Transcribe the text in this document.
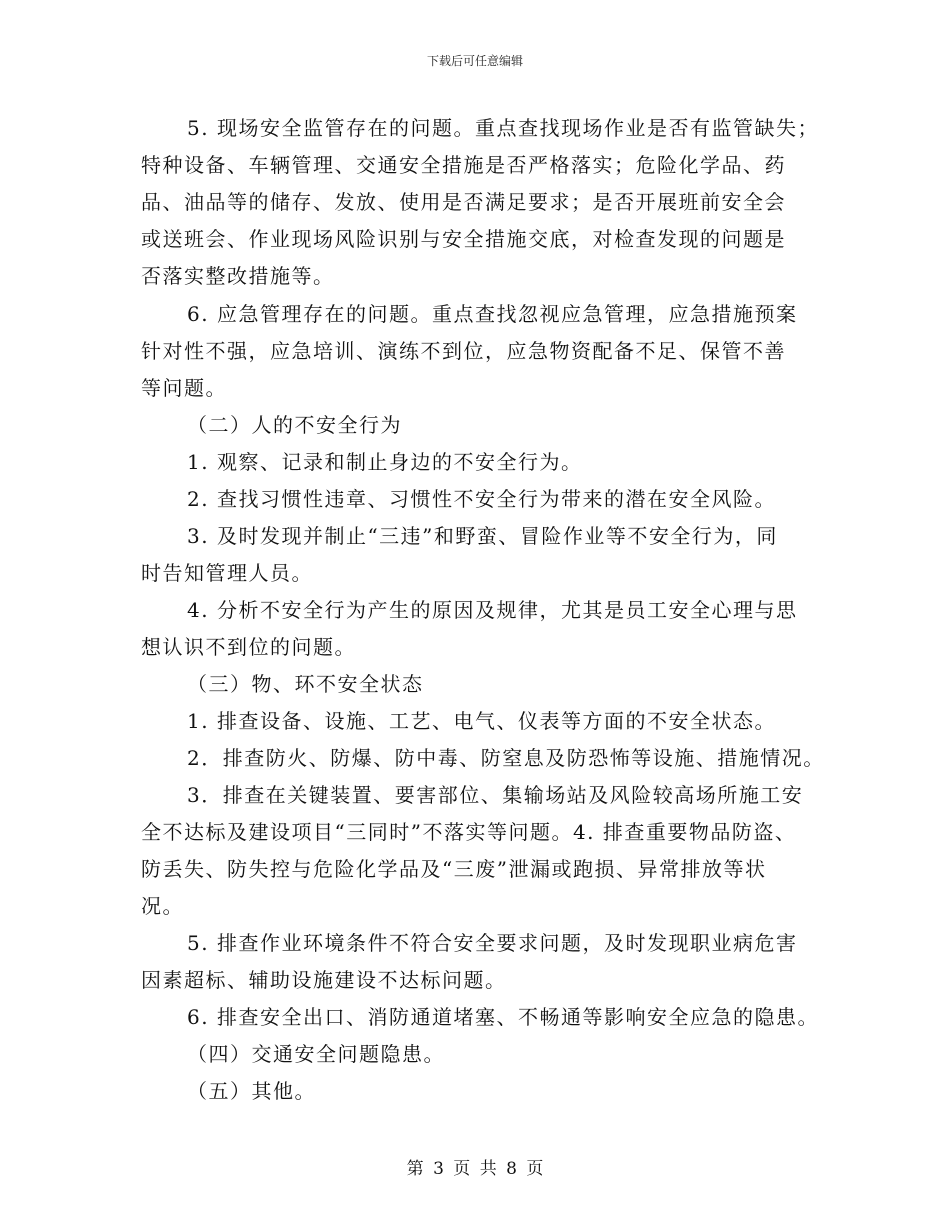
下载后可任意编辑
5. 现场安全监管存在的问题。重点查找现场作业是否有监管缺失；
特种设备、车辆管理、交通安全措施是否严格落实；危险化学品、药
品、油品等的储存、发放、使用是否满足要求；是否开展班前安全会
或送班会、作业现场风险识别与安全措施交底，对检查发现的问题是
否落实整改措施等。
6. 应急管理存在的问题。重点查找忽视应急管理，应急措施预案
针对性不强，应急培训、演练不到位，应急物资配备不足、保管不善
等问题。
（二）人的不安全行为
1. 观察、记录和制止身边的不安全行为。
2. 查找习惯性违章、习惯性不安全行为带来的潜在安全风险。
3. 及时发现并制止“三违”和野蛮、冒险作业等不安全行为，同
时告知管理人员。
4. 分析不安全行为产生的原因及规律，尤其是员工安全心理与思
想认识不到位的问题。
（三）物、环不安全状态
1. 排查设备、设施、工艺、电气、仪表等方面的不安全状态。
2．排查防火、防爆、防中毒、防窒息及防恐怖等设施、措施情况。
3．排查在关键装置、要害部位、集输场站及风险较高场所施工安
全不达标及建设项目“三同时”不落实等问题。4. 排查重要物品防盗、
防丢失、防失控与危险化学品及“三废”泄漏或跑损、异常排放等状
况。
5. 排查作业环境条件不符合安全要求问题，及时发现职业病危害
因素超标、辅助设施建设不达标问题。
6. 排查安全出口、消防通道堵塞、不畅通等影响安全应急的隐患。
（四）交通安全问题隐患。
（五）其他。
第 3 页 共 8 页
